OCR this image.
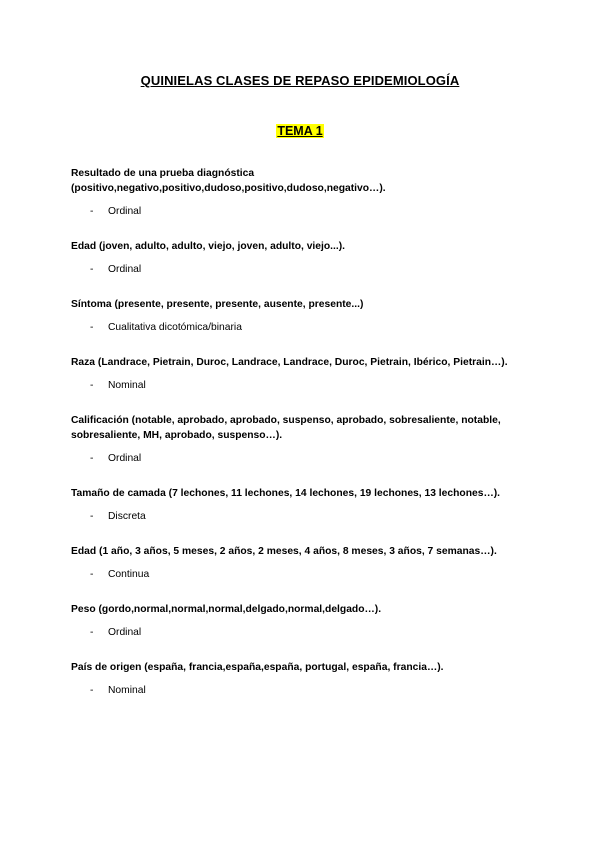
QUINIELAS CLASES DE REPASO EPIDEMIOLOGÍA
TEMA 1

Resultado de una prueba diagnóstica (positivo,negativo,positivo,dudoso,positivo,dudoso,negativo…).

-	Ordinal

Edad (joven, adulto, adulto, viejo, joven, adulto, viejo...).

-	Ordinal

Síntoma (presente, presente, presente, ausente, presente...)

-	Cualitativa dicotómica/binaria

Raza (Landrace, Pietrain, Duroc, Landrace, Landrace, Duroc, Pietrain, Ibérico, Pietrain…).

-	Nominal

Calificación (notable, aprobado, aprobado, suspenso, aprobado, sobresaliente, notable, sobresaliente, MH, aprobado, suspenso…).

-	Ordinal

Tamaño de camada (7 lechones, 11 lechones, 14 lechones, 19 lechones, 13 lechones…).

-	Discreta

Edad (1 año, 3 años, 5 meses, 2 años, 2 meses, 4 años, 8 meses, 3 años, 7 semanas…).

-	Continua

Peso (gordo,normal,normal,normal,delgado,normal,delgado…).

-	Ordinal

País de origen (españa, francia,españa,españa, portugal, españa, francia…).

-	Nominal
